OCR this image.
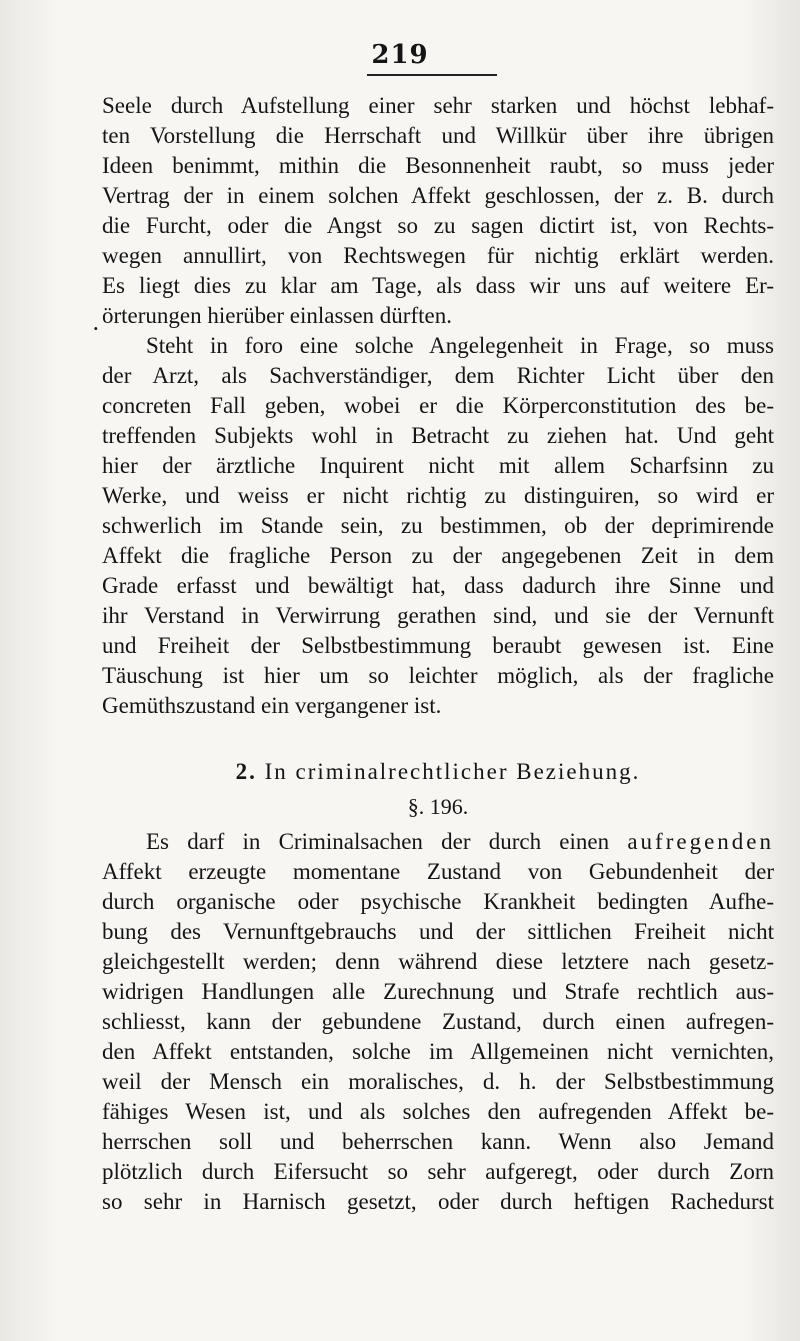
219
·
Seele durch Aufstellung einer sehr starken und höchst lebhaf-
ten Vorstellung die Herrschaft und Willkür über ihre übrigen
Ideen benimmt, mithin die Besonnenheit raubt, so muss jeder
Vertrag der in einem solchen Affekt geschlossen, der z. B. durch
die Furcht, oder die Angst so zu sagen dictirt ist, von Rechts-
wegen annullirt, von Rechtswegen für nichtig erklärt werden.
Es liegt dies zu klar am Tage, als dass wir uns auf weitere Er-
örterungen hierüber einlassen dürften.
Steht in foro eine solche Angelegenheit in Frage, so muss
der Arzt, als Sachverständiger, dem Richter Licht über den
concreten Fall geben, wobei er die Körperconstitution des be-
treffenden Subjekts wohl in Betracht zu ziehen hat. Und geht
hier der ärztliche Inquirent nicht mit allem Scharfsinn zu
Werke, und weiss er nicht richtig zu distinguiren, so wird er
schwerlich im Stande sein, zu bestimmen, ob der deprimirende
Affekt die fragliche Person zu der angegebenen Zeit in dem
Grade erfasst und bewältigt hat, dass dadurch ihre Sinne und
ihr Verstand in Verwirrung gerathen sind, und sie der Vernunft
und Freiheit der Selbstbestimmung beraubt gewesen ist. Eine
Täuschung ist hier um so leichter möglich, als der fragliche
Gemüthszustand ein vergangener ist.
2. In criminalrechtlicher Beziehung.
§. 196.
Es darf in Criminalsachen der durch einen aufregenden
Affekt erzeugte momentane Zustand von Gebundenheit der
durch organische oder psychische Krankheit bedingten Aufhe-
bung des Vernunftgebrauchs und der sittlichen Freiheit nicht
gleichgestellt werden; denn während diese letztere nach gesetz-
widrigen Handlungen alle Zurechnung und Strafe rechtlich aus-
schliesst, kann der gebundene Zustand, durch einen aufregen-
den Affekt entstanden, solche im Allgemeinen nicht vernichten,
weil der Mensch ein moralisches, d. h. der Selbstbestimmung
fähiges Wesen ist, und als solches den aufregenden Affekt be-
herrschen soll und beherrschen kann. Wenn also Jemand
plötzlich durch Eifersucht so sehr aufgeregt, oder durch Zorn
so sehr in Harnisch gesetzt, oder durch heftigen Rachedurst
